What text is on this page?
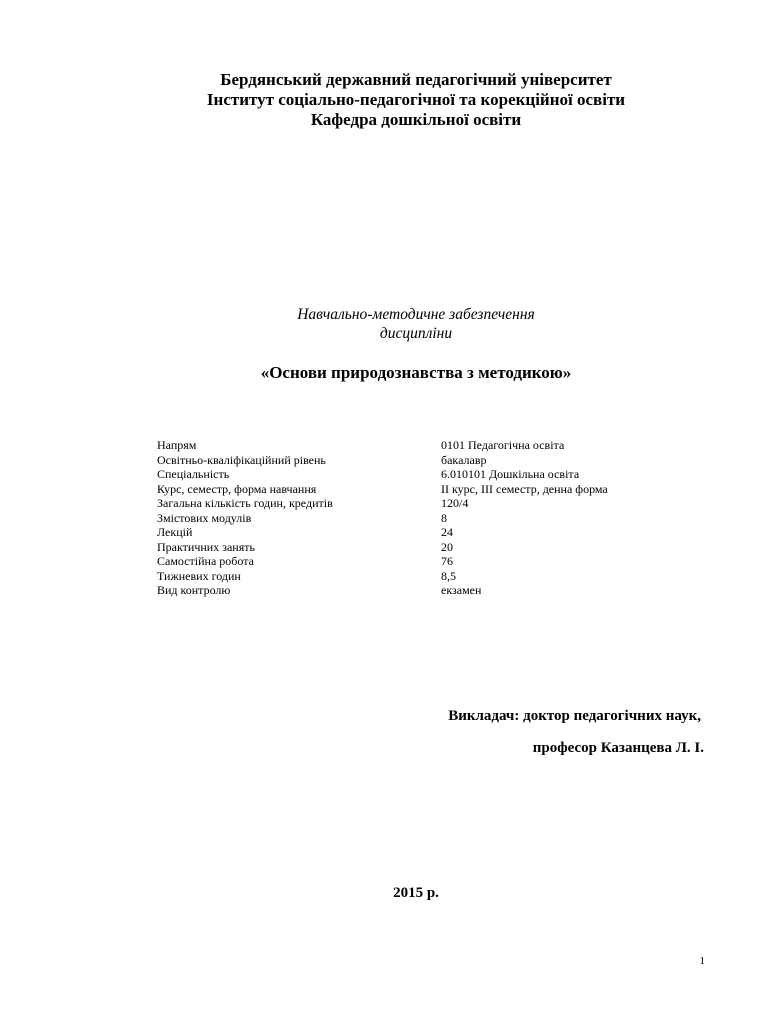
Бердянський державний педагогічний університет
Інститут соціально-педагогічної та корекційної освіти
Кафедра дошкільної освіти
Навчально-методичне забезпечення
дисципліни
«Основи природознавства з методикою»
Напрям	0101 Педагогічна освіта
Освітньо-кваліфікаційний рівень	бакалавр
Спеціальність	6.010101 Дошкільна освіта
Курс, семестр, форма навчання	ІІ курс, ІІІ семестр, денна форма
Загальна кількість годин, кредитів	120/4
Змістових модулів	8
Лекцій	24
Практичних занять	20
Самостійна робота	76
Тижневих годин	8,5
Вид контролю	екзамен
Викладач: доктор педагогічних наук,
професор Казанцева Л. І.
2015 р.
1
